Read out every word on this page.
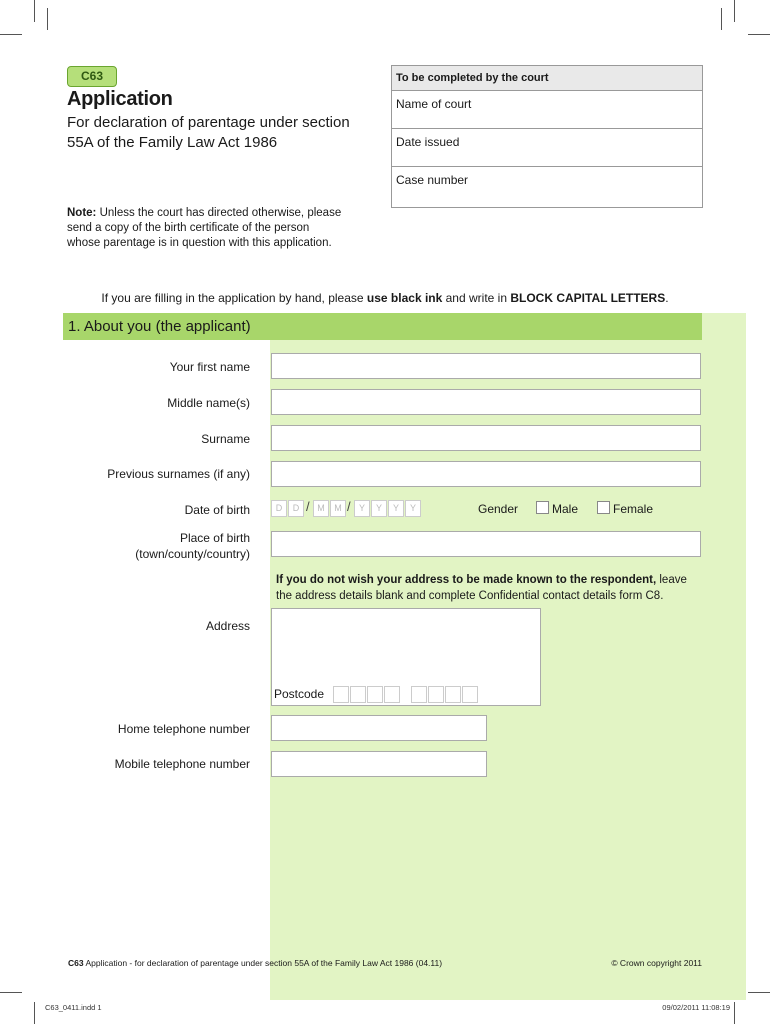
C63
Application
For declaration of parentage under section 55A of the Family Law Act 1986
To be completed by the court
Name of court
Date issued
Case number
Note: Unless the court has directed otherwise, please send a copy of the birth certificate of the person whose parentage is in question with this application.
If you are filling in the application by hand, please use black ink and write in BLOCK CAPITAL LETTERS.
1. About you (the applicant)
Your first name
Middle name(s)
Surname
Previous surnames (if any)
Date of birth	D	D / M	M / Y	Y	Y	Y	Gender	Male	Female
Place of birth
(town/county/country)
If you do not wish your address to be made known to the respondent, leave the address details blank and complete Confidential contact details form C8.
Address
Postcode
Home telephone number
Mobile telephone number
C63 Application - for declaration of parentage under section 55A of the Family Law Act 1986 (04.11)	© Crown copyright 2011
C63_0411.indd 1	09/02/2011 11:08:19
